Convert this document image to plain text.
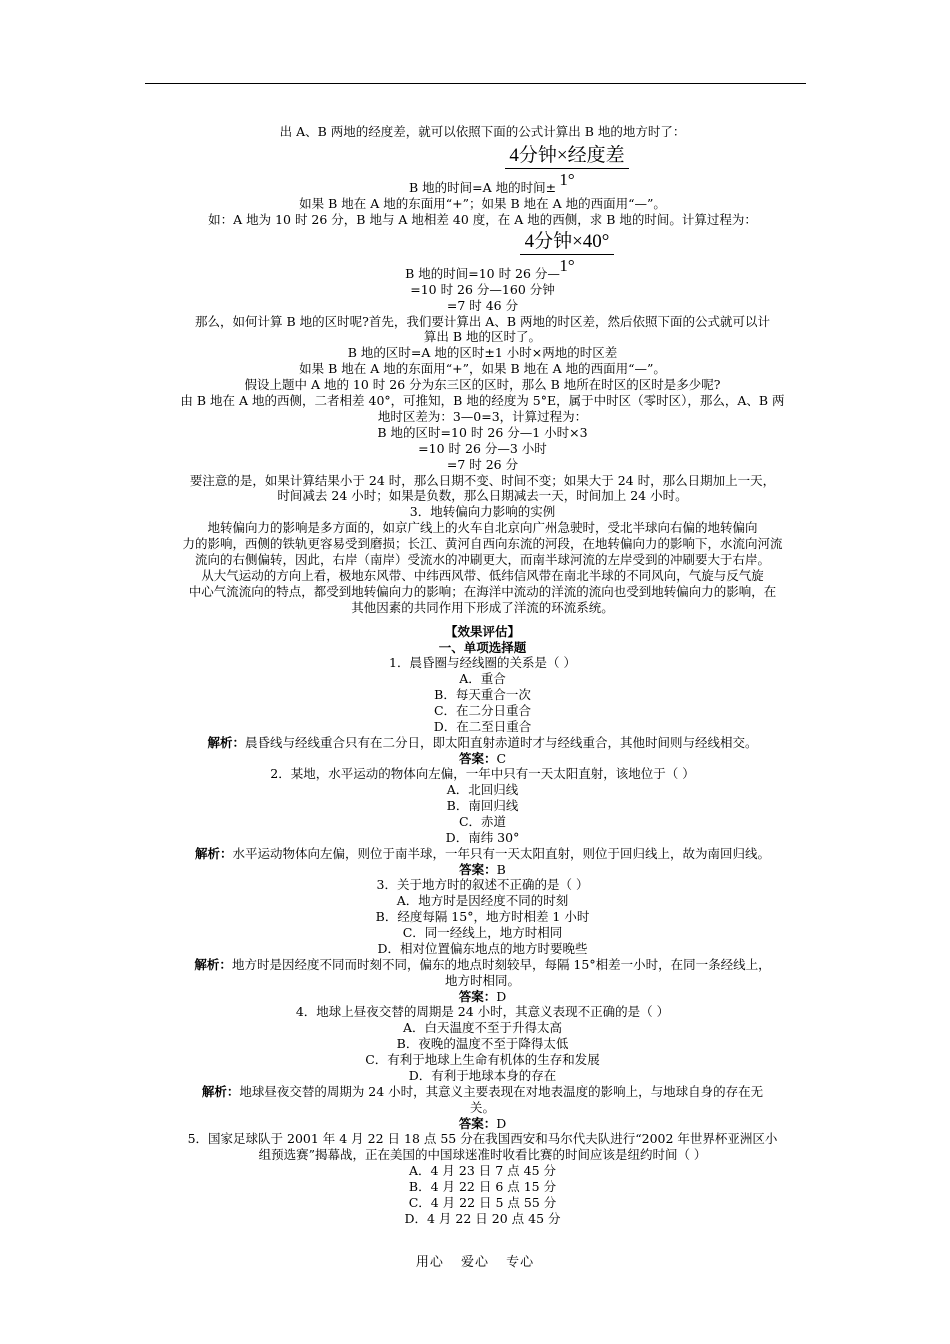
4分钟×经度差
1°
4分钟×40°
1°
出 A、B 两地的经度差，就可以依照下面的公式计算出 B 地的地方时了：
B 地的时间=A 地的时间±
如果 B 地在 A 地的东面用“+”；如果 B 地在 A 地的西面用“—”。
如：A 地为 10 时 26 分，B 地与 A 地相差 40 度，在 A 地的西侧，求 B 地的时间。计算过程为：
B 地的时间=10 时 26 分—
=10 时 26 分—160 分钟
=7 时 46 分
那么，如何计算 B 地的区时呢?首先，我们要计算出 A、B 两地的时区差，然后依照下面的公式就可以计
算出 B 地的区时了。
B 地的区时=A 地的区时±1 小时×两地的时区差
如果 B 地在 A 地的东面用“+”，如果 B 地在 A 地的西面用“—”。
假设上题中 A 地的 10 时 26 分为东三区的区时，那么 B 地所在时区的区时是多少呢?
由 B 地在 A 地的西侧，二者相差 40°，可推知，B 地的经度为 5°E，属于中时区（零时区），那么，A、B 两
地时区差为：3—0=3，计算过程为：
B 地的区时=10 时 26 分—1 小时×3
=10 时 26 分—3 小时
=7 时 26 分
要注意的是，如果计算结果小于 24 时，那么日期不变、时间不变；如果大于 24 时，那么日期加上一天，
时间减去 24 小时；如果是负数，那么日期减去一天，时间加上 24 小时。
3．地转偏向力影响的实例
地转偏向力的影响是多方面的，如京广线上的火车自北京向广州急驶时，受北半球向右偏的地转偏向
力的影响，西侧的铁轨更容易受到磨损；长江、黄河自西向东流的河段，在地转偏向力的影响下，水流向河流
流向的右侧偏转，因此，右岸（南岸）受流水的冲刷更大，而南半球河流的左岸受到的冲刷要大于右岸。
从大气运动的方向上看，极地东风带、中纬西风带、低纬信风带在南北半球的不同风向，气旋与反气旋
中心气流流向的特点，都受到地转偏向力的影响；在海洋中流动的洋流的流向也受到地转偏向力的影响，在
其他因素的共同作用下形成了洋流的环流系统。
【效果评估】
一、单项选择题
1．晨昏圈与经线圈的关系是（ ）
A．重合
B．每天重合一次
C．在二分日重合
D．在二至日重合
解析：晨昏线与经线重合只有在二分日，即太阳直射赤道时才与经线重合，其他时间则与经线相交。
答案：C
2．某地，水平运动的物体向左偏，一年中只有一天太阳直射，该地位于（ ）
A．北回归线
B．南回归线
C．赤道
D．南纬 30°
解析：水平运动物体向左偏，则位于南半球，一年只有一天太阳直射，则位于回归线上，故为南回归线。
答案：B
3．关于地方时的叙述不正确的是（ ）
A．地方时是因经度不同的时刻
B．经度每隔 15°，地方时相差 1 小时
C．同一经线上，地方时相同
D．相对位置偏东地点的地方时要晚些
解析：地方时是因经度不同而时刻不同，偏东的地点时刻较早，每隔 15°相差一小时，在同一条经线上，
地方时相同。
答案：D
4．地球上昼夜交替的周期是 24 小时，其意义表现不正确的是（ ）
A．白天温度不至于升得太高
B．夜晚的温度不至于降得太低
C．有利于地球上生命有机体的生存和发展
D．有利于地球本身的存在
解析：地球昼夜交替的周期为 24 小时，其意义主要表现在对地表温度的影响上，与地球自身的存在无
关。
答案：D
5．国家足球队于 2001 年 4 月 22 日 18 点 55 分在我国西安和马尔代夫队进行“2002 年世界杯亚洲区小
组预选赛”揭幕战，正在美国的中国球迷准时收看比赛的时间应该是纽约时间（ ）
A．4 月 23 日 7 点 45 分
B．4 月 22 日 6 点 15 分
C．4 月 22 日 5 点 55 分
D．4 月 22 日 20 点 45 分
用心 爱心 专心
